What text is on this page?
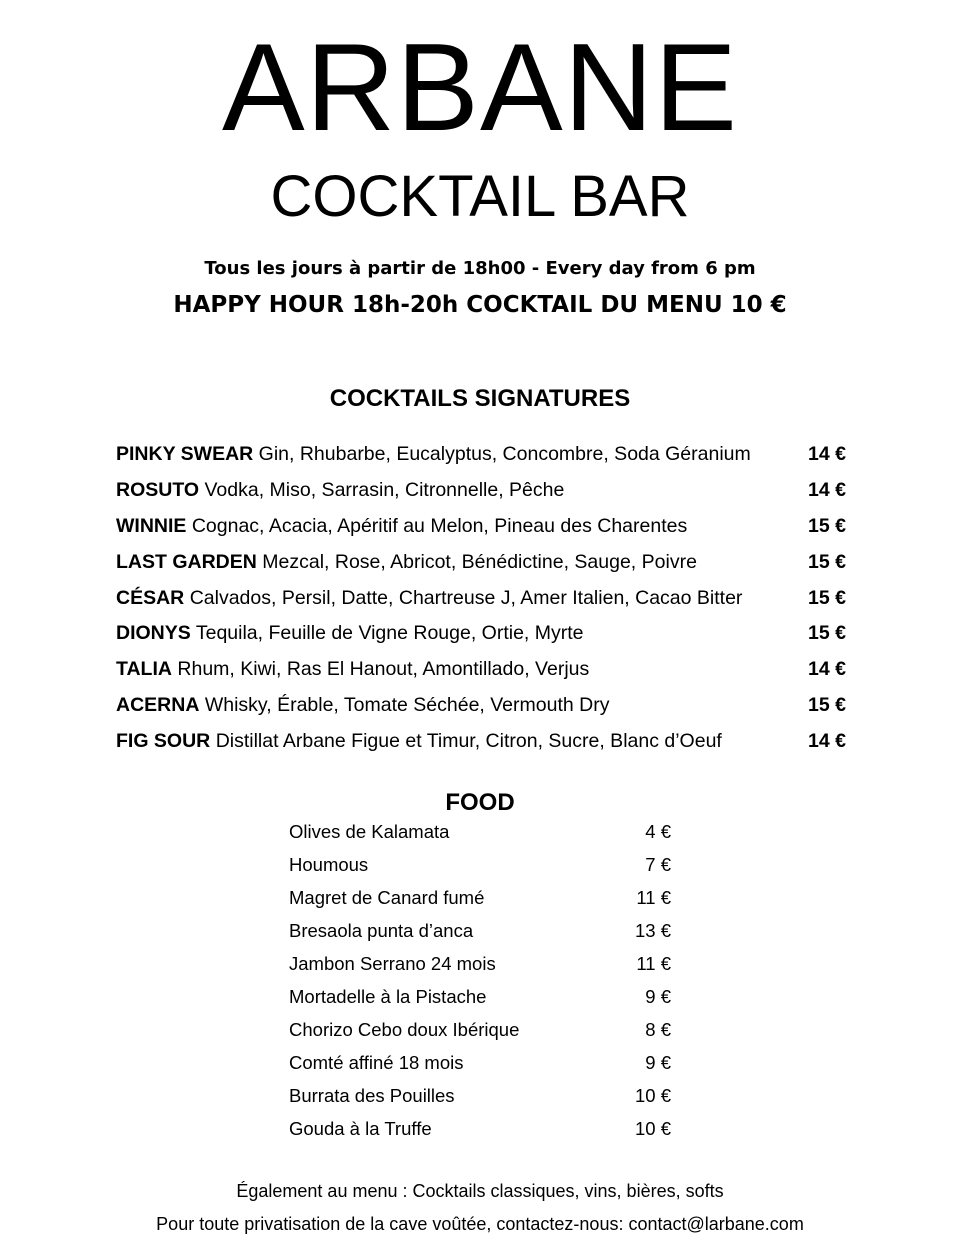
ARBANE
COCKTAIL BAR
Tous les jours à partir de 18h00 - Every day from 6 pm
HAPPY HOUR 18h-20h COCKTAIL DU MENU 10 €
COCKTAILS SIGNATURES
PINKY SWEAR Gin, Rhubarbe, Eucalyptus, Concombre, Soda Géranium	14 €
ROSUTO Vodka, Miso, Sarrasin, Citronnelle, Pêche	14 €
WINNIE Cognac, Acacia, Apéritif au Melon, Pineau des Charentes	15 €
LAST GARDEN Mezcal, Rose, Abricot, Bénédictine, Sauge, Poivre	15 €
CÉSAR Calvados, Persil, Datte, Chartreuse J, Amer Italien, Cacao Bitter	15 €
DIONYS Tequila, Feuille de Vigne Rouge, Ortie, Myrte	15 €
TALIA Rhum, Kiwi, Ras El Hanout, Amontillado, Verjus	14 €
ACERNA Whisky, Érable, Tomate Séchée, Vermouth Dry	15 €
FIG SOUR Distillat Arbane Figue et Timur, Citron, Sucre, Blanc d’Oeuf	14 €
FOOD
Olives de Kalamata	4 €
Houmous	7 €
Magret de Canard fumé	11 €
Bresaola punta d’anca	13 €
Jambon Serrano 24 mois	11 €
Mortadelle à la Pistache	9 €
Chorizo Cebo doux Ibérique	8 €
Comté affiné 18 mois	9 €
Burrata des Pouilles	10 €
Gouda à la Truffe	10 €
Également au menu : Cocktails classiques, vins, bières, softs
Pour toute privatisation de la cave voûtée, contactez-nous: contact@larbane.com
